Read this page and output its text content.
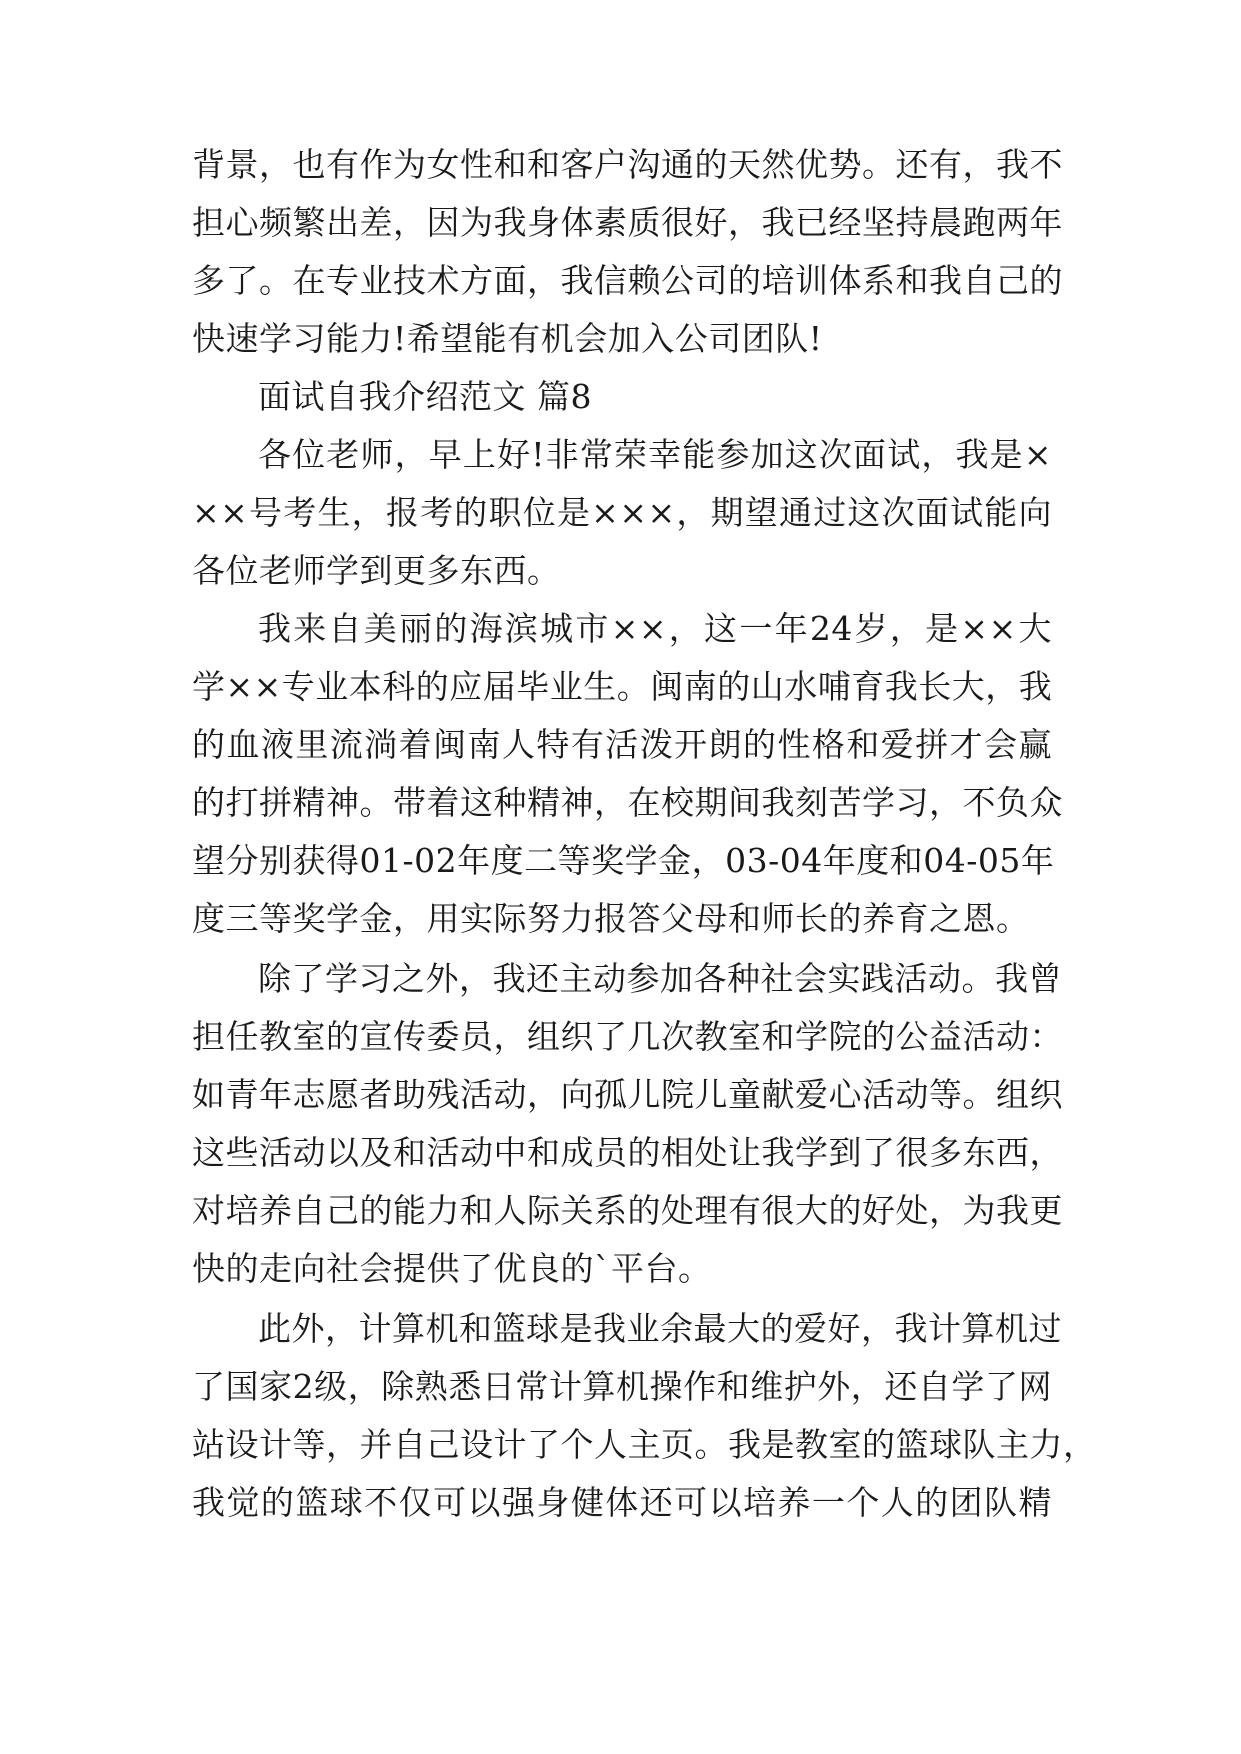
背景，也有作为女性和和客户沟通的天然优势。还有，我不
担心频繁出差，因为我身体素质很好，我已经坚持晨跑两年
多了。在专业技术方面，我信赖公司的培训体系和我自己的
快速学习能力!希望能有机会加入公司团队!
面试自我介绍范文 篇8
各位老师，早上好!非常荣幸能参加这次面试，我是×
××号考生，报考的职位是×××，期望通过这次面试能向
各位老师学到更多东西。
我来自美丽的海滨城市××，这一年24岁，是××大
学××专业本科的应届毕业生。闽南的山水哺育我长大，我
的血液里流淌着闽南人特有活泼开朗的性格和爱拼才会赢
的打拼精神。带着这种精神，在校期间我刻苦学习，不负众
望分别获得01-02年度二等奖学金，03-04年度和04-05年
度三等奖学金，用实际努力报答父母和师长的养育之恩。
除了学习之外，我还主动参加各种社会实践活动。我曾
担任教室的宣传委员，组织了几次教室和学院的公益活动：
如青年志愿者助残活动，向孤儿院儿童献爱心活动等。组织
这些活动以及和活动中和成员的相处让我学到了很多东西，
对培养自己的能力和人际关系的处理有很大的好处，为我更
快的走向社会提供了优良的`平台。
此外，计算机和篮球是我业余最大的爱好，我计算机过
了国家2级，除熟悉日常计算机操作和维护外，还自学了网
站设计等，并自己设计了个人主页。我是教室的篮球队主力，
我觉的篮球不仅可以强身健体还可以培养一个人的团队精
